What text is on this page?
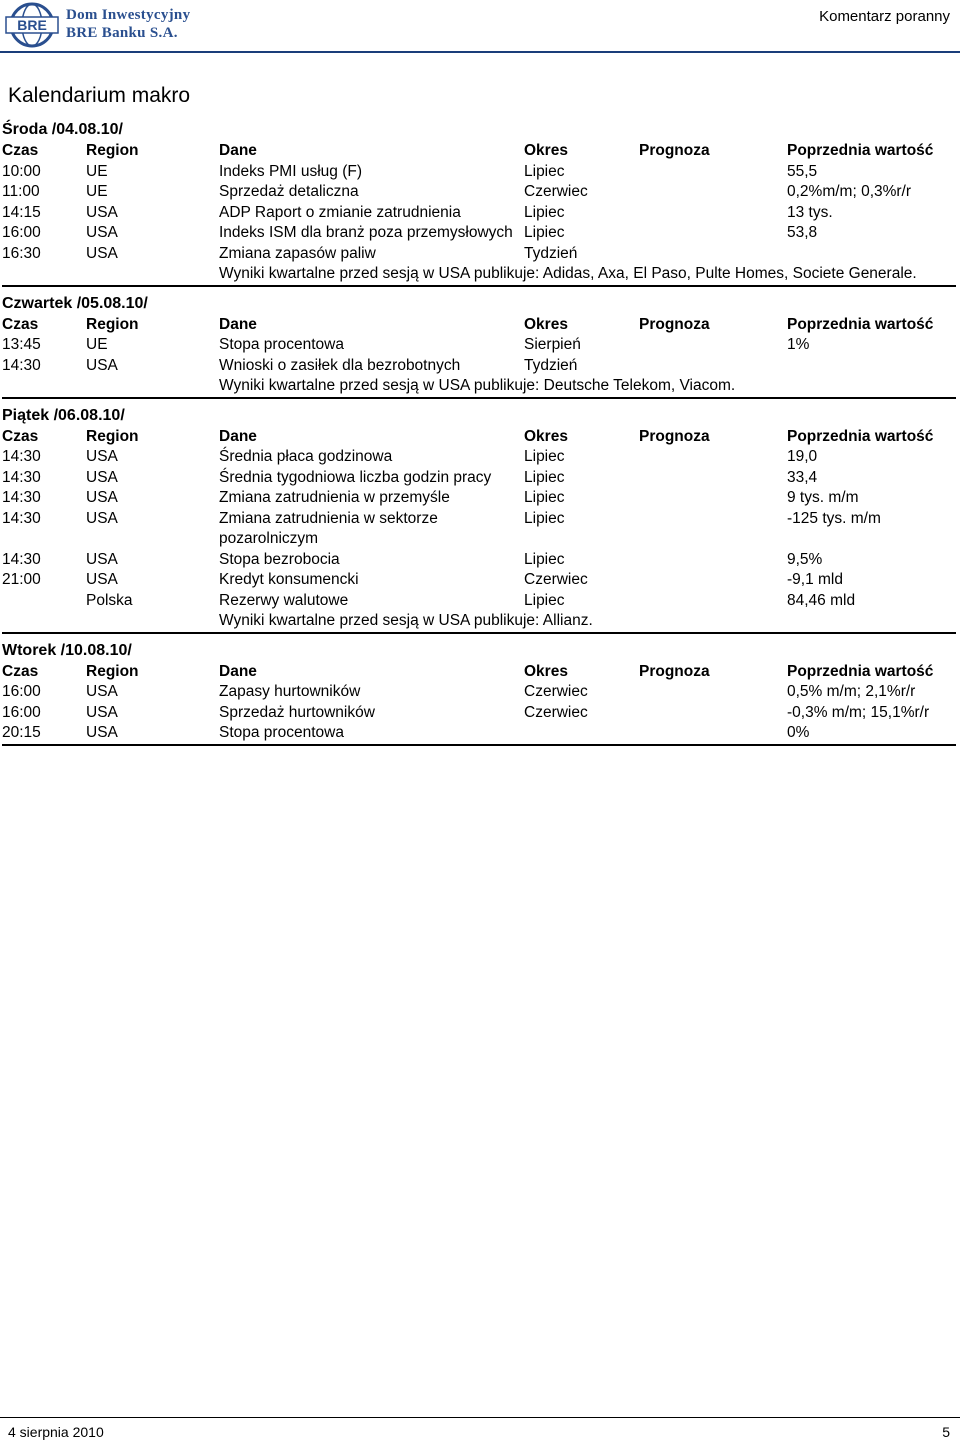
BRE
Dom Inwestycyjny
BRE Banku S.A.
Komentarz poranny
Kalendarium makro
Środa /04.08.10/
Czas	Region	Dane	Okres	Prognoza	Poprzednia wartość
10:00	UE	Indeks PMI usług (F)	Lipiec		55,5
11:00	UE	Sprzedaż detaliczna	Czerwiec		0,2%m/m; 0,3%r/r
14:15	USA	ADP Raport o zmianie zatrudnienia	Lipiec		13 tys.
16:00	USA	Indeks ISM dla branż poza przemysłowych	Lipiec		53,8
16:30	USA	Zmiana zapasów paliw	Tydzień		
		Wyniki kwartalne przed sesją w USA publikuje: Adidas, Axa, El Paso, Pulte Homes, Societe Generale.			
Czwartek /05.08.10/
Czas	Region	Dane	Okres	Prognoza	Poprzednia wartość
13:45	UE	Stopa procentowa	Sierpień		1%
14:30	USA	Wnioski o zasiłek dla bezrobotnych	Tydzień		
		Wyniki kwartalne przed sesją w USA publikuje: Deutsche Telekom, Viacom.			
Piątek /06.08.10/
Czas	Region	Dane	Okres	Prognoza	Poprzednia wartość
14:30	USA	Średnia płaca godzinowa	Lipiec		19,0
14:30	USA	Średnia tygodniowa liczba godzin pracy	Lipiec		33,4
14:30	USA	Zmiana zatrudnienia w przemyśle	Lipiec		9 tys. m/m
14:30	USA	Zmiana zatrudnienia w sektorze pozarolniczym	Lipiec		-125 tys. m/m
14:30	USA	Stopa bezrobocia	Lipiec		9,5%
21:00	USA	Kredyt konsumencki	Czerwiec		-9,1 mld
	Polska	Rezerwy walutowe	Lipiec		84,46 mld
		Wyniki kwartalne przed sesją w USA publikuje: Allianz.			
Wtorek /10.08.10/
Czas	Region	Dane	Okres	Prognoza	Poprzednia wartość
16:00	USA	Zapasy hurtowników	Czerwiec		0,5% m/m; 2,1%r/r
16:00	USA	Sprzedaż hurtowników	Czerwiec		-0,3% m/m; 15,1%r/r
20:15	USA	Stopa procentowa			0%
4 sierpnia 2010	5
